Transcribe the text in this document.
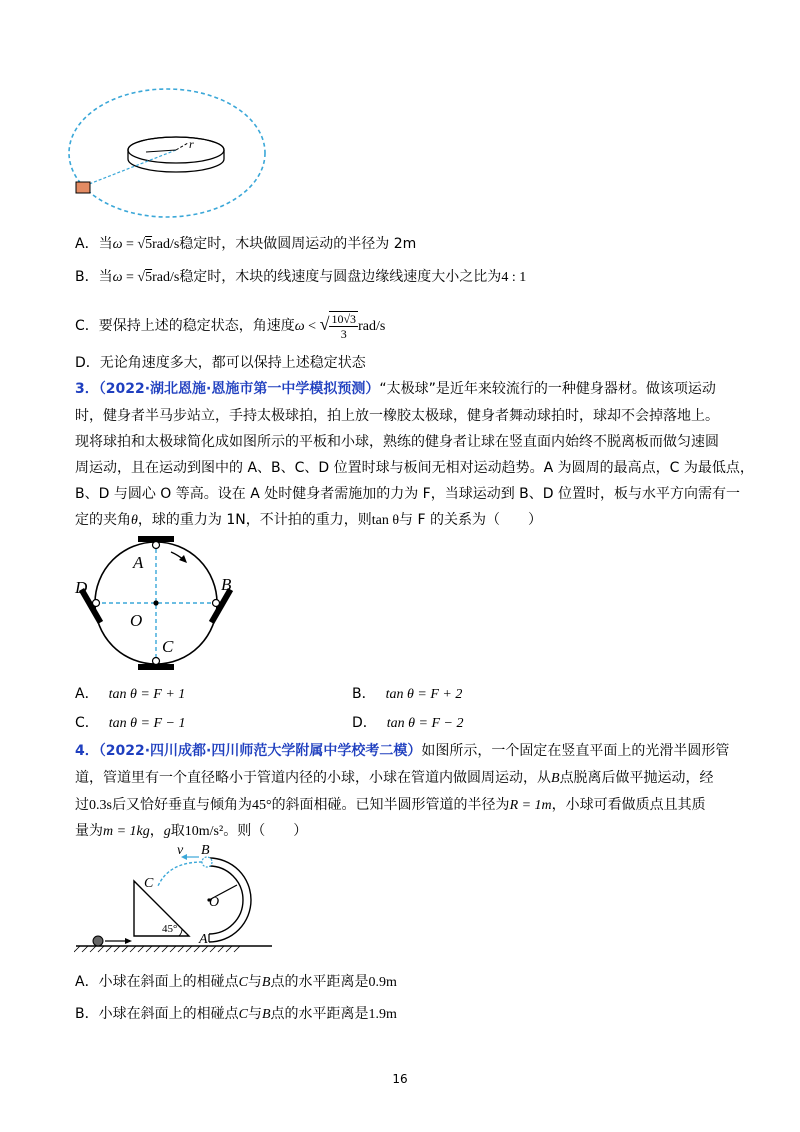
r
A．当ω = √5rad/s稳定时，木块做圆周运动的半径为 2m
B．当ω = √5rad/s稳定时，木块的线速度与圆盘边缘线速度大小之比为4 : 1
C．要保持上述的稳定状态，角速度ω < √ $\frac{10√3}{3} rad/s$
D．无论角速度多大，都可以保持上述稳定状态
3．（2022·湖北恩施·恩施市第一中学模拟预测）“太极球”是近年来较流行的一种健身器材。做该项运动
时，健身者半马步站立，手持太极球拍，拍上放一橡胶太极球，健身者舞动球拍时，球却不会掉落地上。
现将球拍和太极球简化成如图所示的平板和小球，熟练的健身者让球在竖直面内始终不脱离板而做匀速圆
周运动，且在运动到图中的 A、B、C、D 位置时球与板间无相对运动趋势。A 为圆周的最高点，C 为最低点，
B、D 与圆心 O 等高。设在 A 处时健身者需施加的力为 F，当球运动到 B、D 位置时，板与水平方向需有一
定的夹角θ，球的重力为 1N，不计拍的重力，则tan θ与 F 的关系为（　　）
A
B
C
D
O
A． tan θ = F + 1	B． tan θ = F + 2
C． tan θ = F − 1	D． tan θ = F − 2
4．（2022·四川成都·四川师范大学附属中学校考二模）如图所示，一个固定在竖直平面上的光滑半圆形管
道，管道里有一个直径略小于管道内径的小球，小球在管道内做圆周运动，从B点脱离后做平抛运动，经
过0.3s后又恰好垂直与倾角为45°的斜面相碰。已知半圆形管道的半径为R = 1m，小球可看做质点且其质
量为m = 1kg，g取10m/s²。则（　　）
45°
v B
C
O
A
A．小球在斜面上的相碰点C与B点的水平距离是0.9m
B．小球在斜面上的相碰点C与B点的水平距离是1.9m
16
